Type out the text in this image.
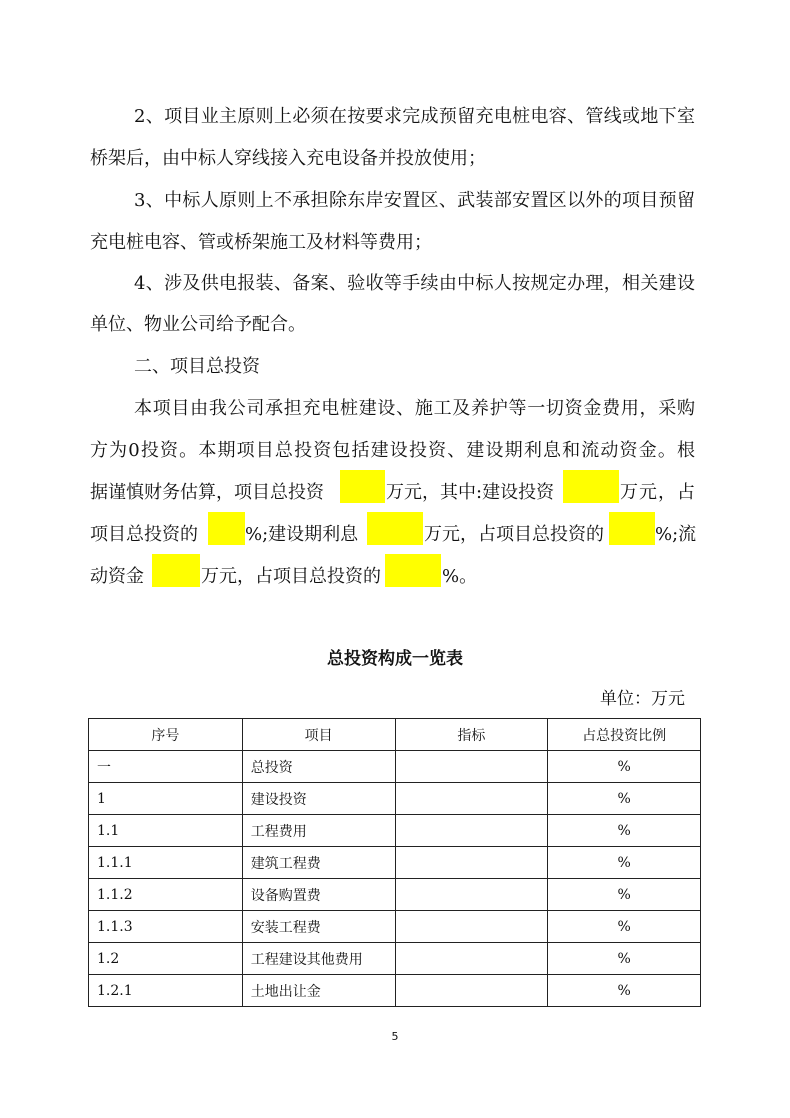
2、项目业主原则上必须在按要求完成预留充电桩电容、管线或地下室
桥架后，由中标人穿线接入充电设备并投放使用；
3、中标人原则上不承担除东岸安置区、武装部安置区以外的项目预留
充电桩电容、管或桥架施工及材料等费用；
4、涉及供电报装、备案、验收等手续由中标人按规定办理，相关建设
单位、物业公司给予配合。
二、项目总投资
本项目由我公司承担充电桩建设、施工及养护等一切资金费用，采购
方为0投资。本期项目总投资包括建设投资、建设期利息和流动资金。根
据谨慎财务估算，项目总投资	万元，其中:建设投资	万元，占
项目总投资的	%;建设期利息	万元，占项目总投资的	%;流
动资金	万元，占项目总投资的	%。
总投资构成一览表
单位：万元
序号	项目	指标	占总投资比例
一	总投资		%
1	建设投资		%
1.1	工程费用		%
1.1.1	建筑工程费		%
1.1.2	设备购置费		%
1.1.3	安装工程费		%
1.2	工程建设其他费用		%
1.2.1	土地出让金		%
5
